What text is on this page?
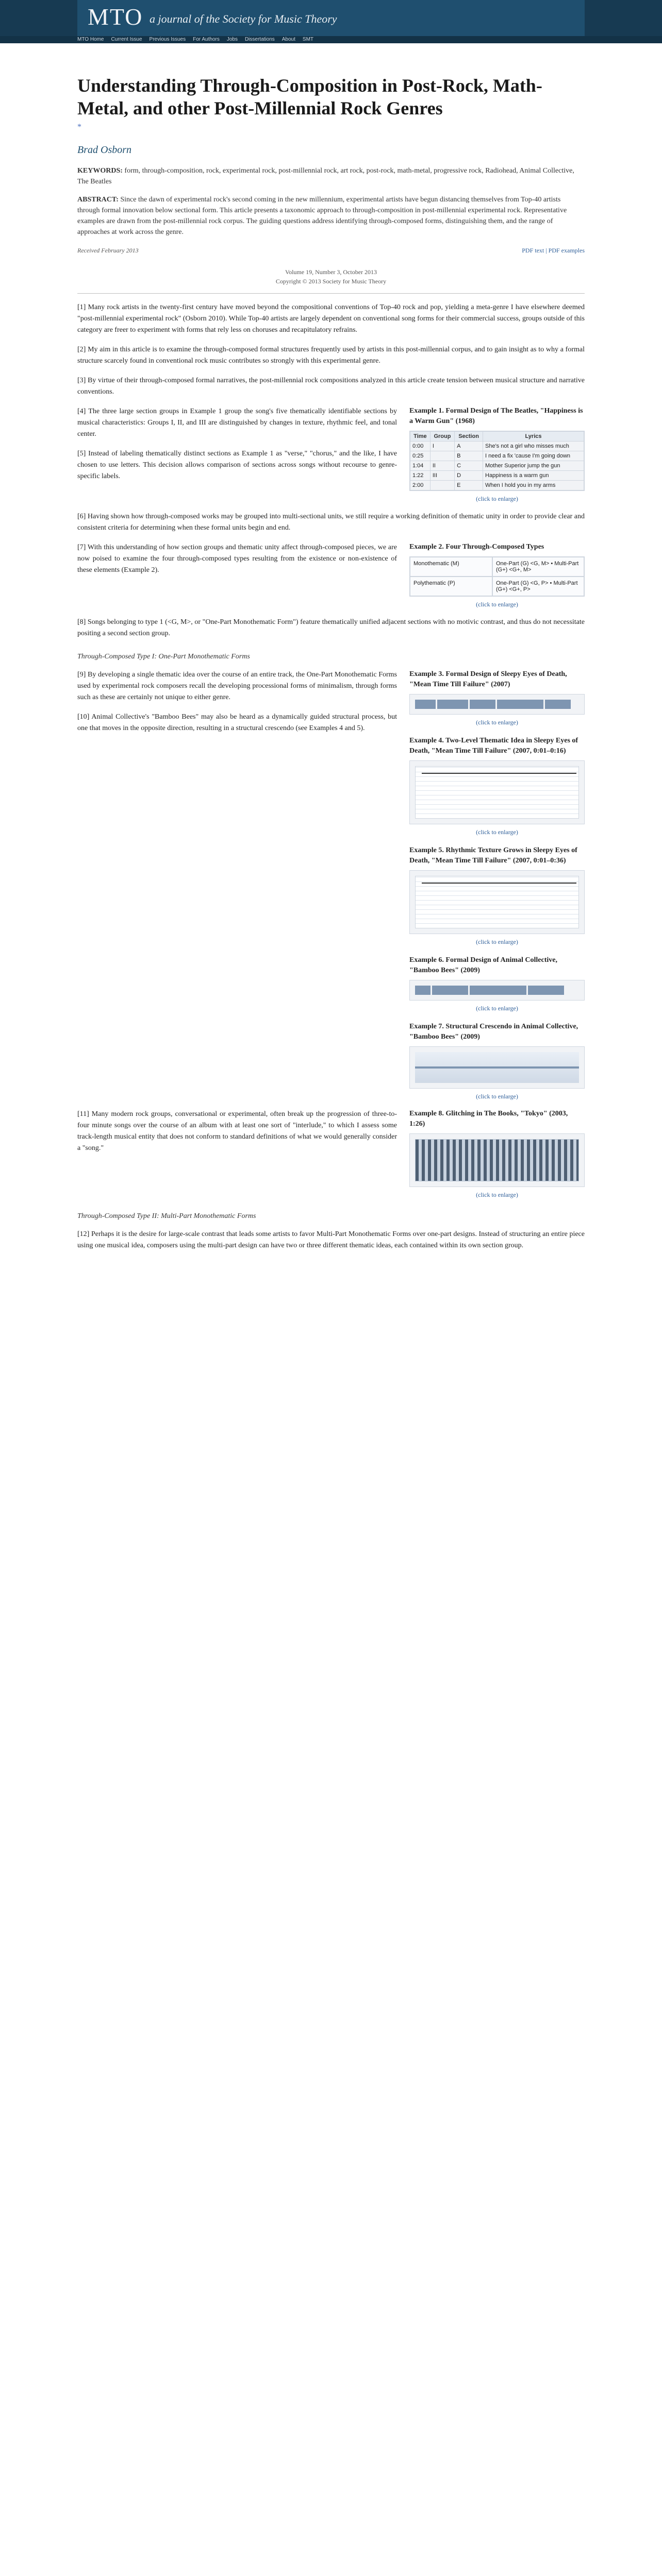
MTO a journal of the Society for Music Theory
MTO Home Current Issue Previous Issues For Authors Jobs Dissertations About SMT
Understanding Through-Composition in Post-Rock, Math-Metal, and other Post-Millennial Rock Genres
*
Brad Osborn
KEYWORDS: form, through-composition, rock, experimental rock, post-millennial rock, art rock, post-rock, math-metal, progressive rock, Radiohead, Animal Collective, The Beatles
ABSTRACT: Since the dawn of experimental rock's second coming in the new millennium, experimental artists have begun distancing themselves from Top-40 artists through formal innovation below sectional form. This article presents a taxonomic approach to through-composition in post-millennial experimental rock. Representative examples are drawn from the post-millennial rock corpus. The guiding questions address identifying through-composed forms, distinguishing them, and the range of approaches at work across the genre.
Received February 2013	PDF text | PDF examples
Volume 19, Number 3, October 2013
Copyright © 2013 Society for Music Theory
[1] Many rock artists in the twenty-first century have moved beyond the compositional conventions of Top-40 rock and pop, yielding a meta-genre I have elsewhere deemed "post-millennial experimental rock" (Osborn 2010). While Top-40 artists are largely dependent on conventional song forms for their commercial success, groups outside of this category are freer to experiment with forms that rely less on choruses and recapitulatory refrains.
[2] My aim in this article is to examine the through-composed formal structures frequently used by artists in this post-millennial corpus, and to gain insight as to why a formal structure scarcely found in conventional rock music contributes so strongly with this experimental genre.
[3] By virtue of their through-composed formal narratives, the post-millennial rock compositions analyzed in this article create tension between musical structure and narrative conventions.
[4] The three large section groups in Example 1 group the song's five thematically identifiable sections by musical characteristics: Groups I, II, and III are distinguished by changes in texture, rhythmic feel, and tonal center.
[5] Instead of labeling thematically distinct sections as Example 1 as "verse," "chorus," and the like, I have chosen to use letters. This decision allows comparison of sections across songs without recourse to genre-specific labels.
Example 1. Formal Design of The Beatles, "Happiness is a Warm Gun" (1968)
Time	Group	Section	Lyrics
0:00	I	A	She's not a girl who misses much
0:25		B	I need a fix 'cause I'm going down
1:04	II	C	Mother Superior jump the gun
1:22	III	D	Happiness is a warm gun
2:00		E	When I hold you in my arms
(click to enlarge)
[6] Having shown how through-composed works may be grouped into multi-sectional units, we still require a working definition of thematic unity in order to provide clear and consistent criteria for determining when these formal units begin and end.
[7] With this understanding of how section groups and thematic unity affect through-composed pieces, we are now poised to examine the four through-composed types resulting from the existence or non-existence of these elements (Example 2).
Example 2. Four Through-Composed Types
Monothematic (M)	One-Part (G) <G, M> • Multi-Part (G+) <G+, M>
Polythematic (P)	One-Part (G) <G, P> • Multi-Part (G+) <G+, P>
(click to enlarge)
[8] Songs belonging to type 1 (<G, M>, or "One-Part Monothematic Form") feature thematically unified adjacent sections with no motivic contrast, and thus do not necessitate positing a second section group.
Through-Composed Type I: One-Part Monothematic Forms
[9] By developing a single thematic idea over the course of an entire track, the One-Part Monothematic Forms used by experimental rock composers recall the developing processional forms of minimalism, through forms such as these are certainly not unique to either genre.
[10] Animal Collective's "Bamboo Bees" may also be heard as a dynamically guided structural process, but one that moves in the opposite direction, resulting in a structural crescendo (see Examples 4 and 5).
Example 3. Formal Design of Sleepy Eyes of Death, "Mean Time Till Failure" (2007)
(click to enlarge)
Example 4. Two-Level Thematic Idea in Sleepy Eyes of Death, "Mean Time Till Failure" (2007, 0:01–0:16)
(click to enlarge)
Example 5. Rhythmic Texture Grows in Sleepy Eyes of Death, "Mean Time Till Failure" (2007, 0:01–0:36)
(click to enlarge)
Example 6. Formal Design of Animal Collective, "Bamboo Bees" (2009)
(click to enlarge)
Example 7. Structural Crescendo in Animal Collective, "Bamboo Bees" (2009)
(click to enlarge)
[11] Many modern rock groups, conversational or experimental, often break up the progression of three-to-four minute songs over the course of an album with at least one sort of "interlude," to which I assess some track-length musical entity that does not conform to standard definitions of what we would generally consider a "song."
Example 8. Glitching in The Books, "Tokyo" (2003, 1:26)
(click to enlarge)
Through-Composed Type II: Multi-Part Monothematic Forms
[12] Perhaps it is the desire for large-scale contrast that leads some artists to favor Multi-Part Monothematic Forms over one-part designs. Instead of structuring an entire piece using one musical idea, composers using the multi-part design can have two or three different thematic ideas, each contained within its own section group.
